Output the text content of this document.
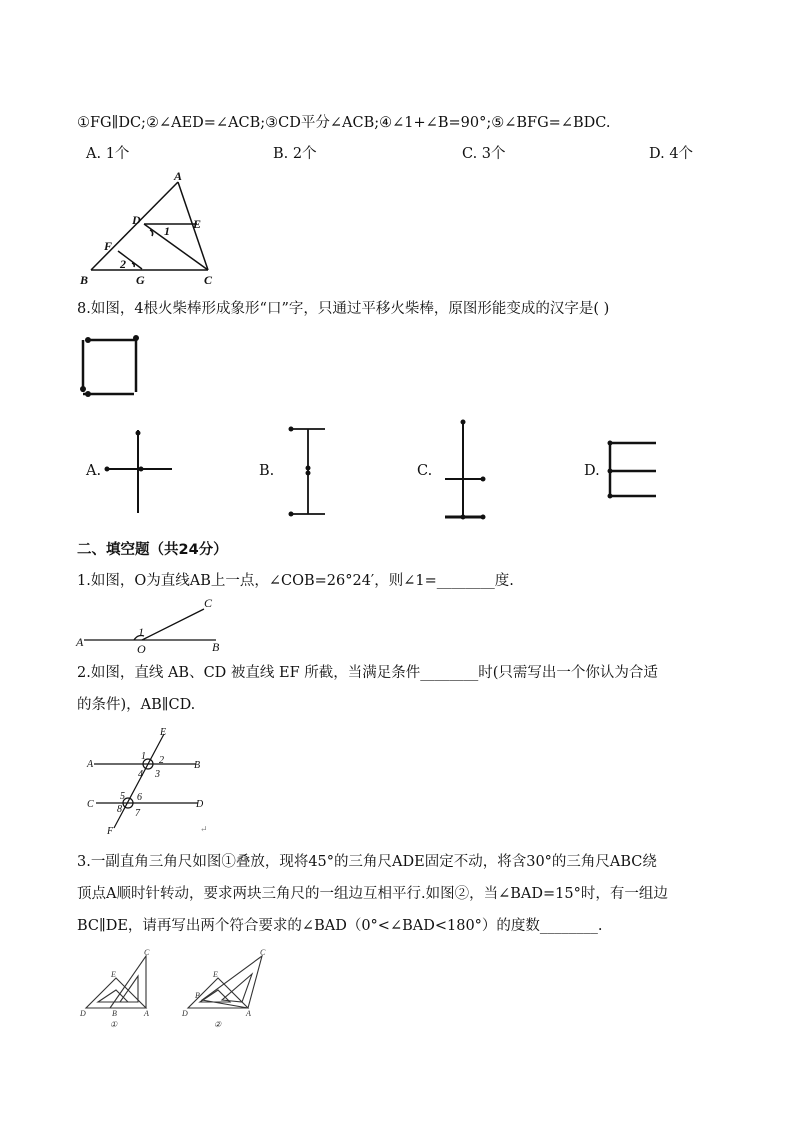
①FG∥DC;②∠AED=∠ACB;③CD平分∠ACB;④∠1+∠B=90°;⑤∠BFG=∠BDC.
A. 1个	B. 2个	C. 3个	D. 4个
A
B	C
D	E
F
G
1
2
8.如图，4根火柴棒形成象形“口”字，只通过平移火柴棒，原图形能变成的汉字是( )
A.	B.	C.	D.
二、填空题（共24分）
1.如图，O为直线AB上一点，∠COB=26°24′，则∠1=________度.
A	B
C
O
1
2.如图，直线 AB、CD 被直线 EF 所截，当满足条件________时(只需写出一个你认为合适
的条件)，AB∥CD.
A	B
C	D
E
F
1 2
3
4
5 6
7
8
↵
3.一副直角三角尺如图①叠放，现将45°的三角尺ADE固定不动，将含30°的三角尺ABC绕
顶点A顺时针转动，要求两块三角尺的一组边互相平行.如图②，当∠BAD=15°时，有一组边
BC∥DE，请再写出两个符合要求的∠BAD（0°<∠BAD<180°）的度数________.
D	A
E
C
B
①
D	A
E
C
B
②
